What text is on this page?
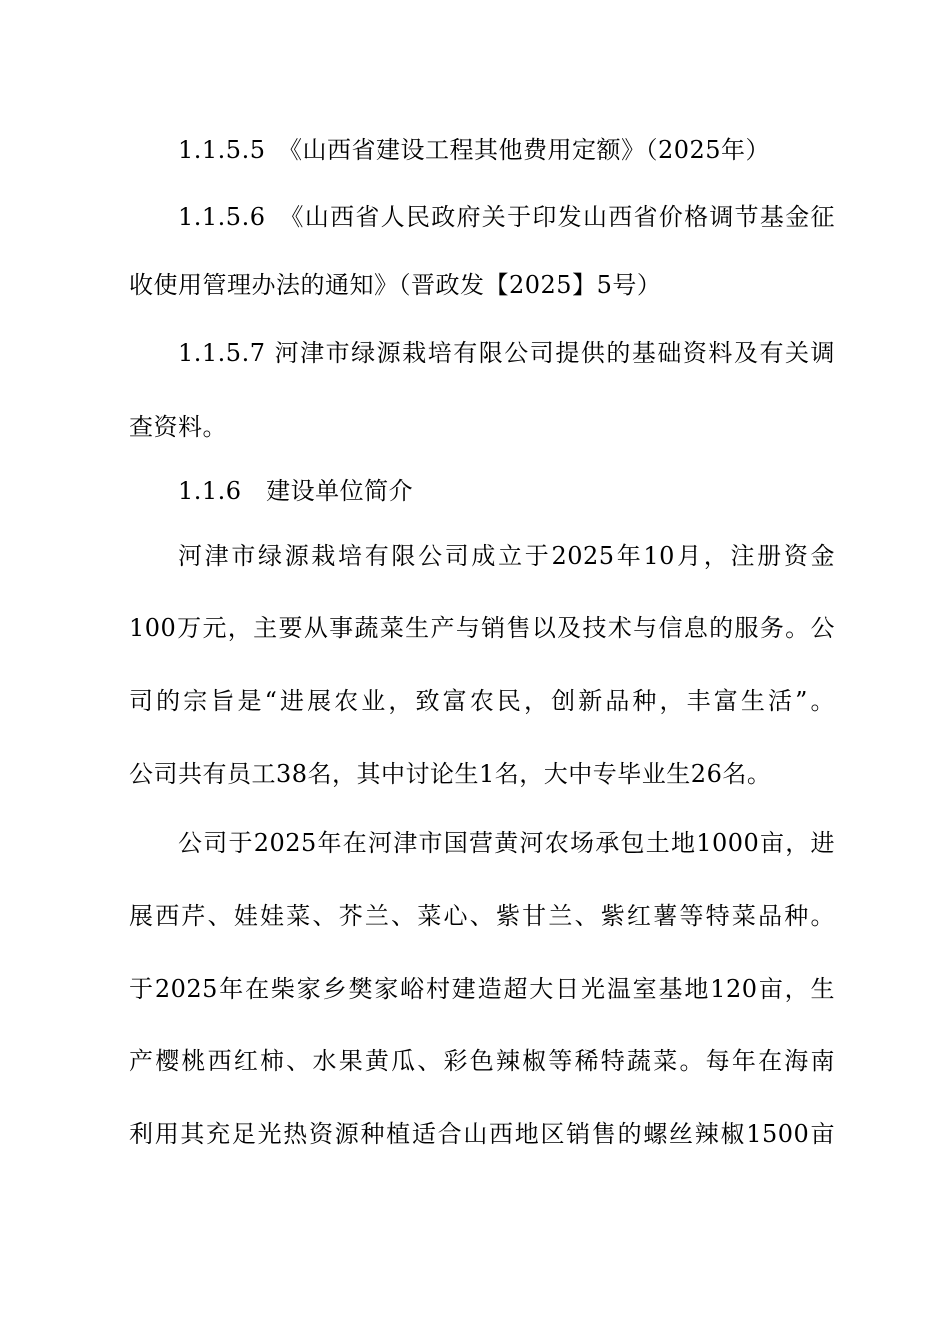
1.1.5.5　《山西省建设工程其他费用定额》（2025年）
1.1.5.6　《山西省人民政府关于印发山西省价格调节基金征
收使用管理办法的通知》（晋政发【2025】5号）
1.1.5.7 河津市绿源栽培有限公司提供的基础资料及有关调
查资料。
1.1.6　建设单位简介
河津市绿源栽培有限公司成立于2025年10月，注册资金
100万元，主要从事蔬菜生产与销售以及技术与信息的服务。公
司的宗旨是“进展农业，致富农民，创新品种，丰富生活”。
公司共有员工38名，其中讨论生1名，大中专毕业生26名。
公司于2025年在河津市国营黄河农场承包土地1000亩，进
展西芹、娃娃菜、芥兰、菜心、紫甘兰、紫红薯等特菜品种。
于2025年在柴家乡樊家峪村建造超大日光温室基地120亩，生
产樱桃西红柿、水果黄瓜、彩色辣椒等稀特蔬菜。每年在海南
利用其充足光热资源种植适合山西地区销售的螺丝辣椒1500亩
